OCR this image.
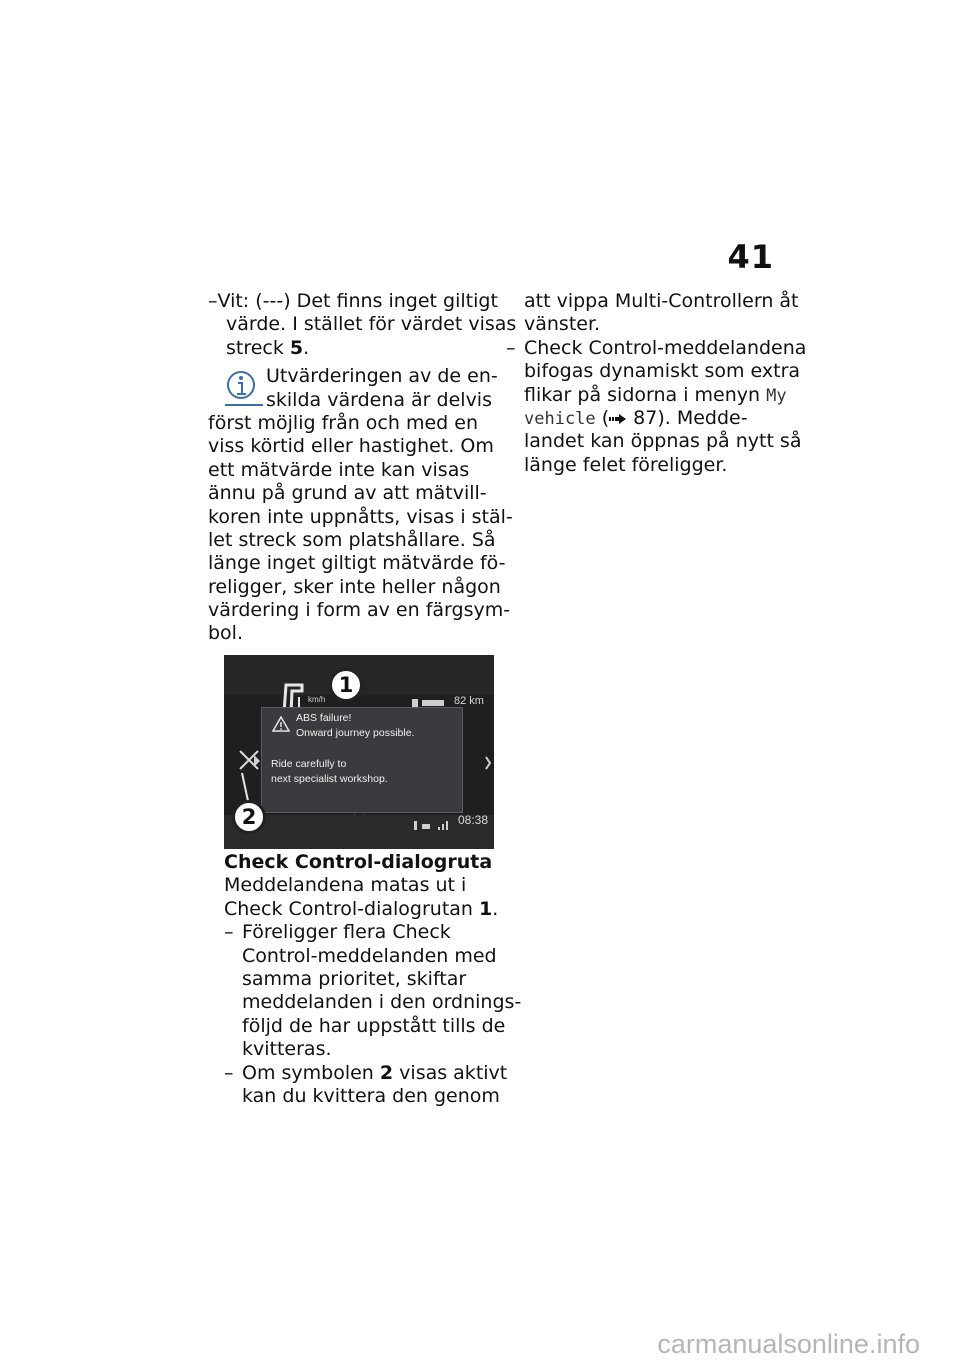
41
–Vit: (---) Det finns inget giltigt
värde. I stället för värdet visas
streck 5.
Utvärderingen av de en-
skilda värdena är delvis
först möjlig från och med en
viss körtid eller hastighet. Om
ett mätvärde inte kan visas
ännu på grund av att mätvill-
koren inte uppnåtts, visas i stäl-
let streck som platshållare. Så
länge inget giltigt mätvärde fö-
religger, sker inte heller någon
värdering i form av en färgsym-
bol.
km/h	82 km
ABS failure!
Onward journey possible.
Ride carefully to
next specialist workshop.
08:38
1
2
Check Control-dialogruta
Meddelandena matas ut i
Check Control-dialogrutan 1.
– Föreligger flera Check
Control-meddelanden med
samma prioritet, skiftar
meddelanden i den ordnings-
följd de har uppstått tills de
kvitteras.
– Om symbolen 2 visas aktivt
kan du kvittera den genom
att vippa Multi-Controllern åt
vänster.
– Check Control-meddelandena
bifogas dynamiskt som extra
flikar på sidorna i menyn My
vehicle ( 87). Medde-
landet kan öppnas på nytt så
länge felet föreligger.
carmanualsonline.info
